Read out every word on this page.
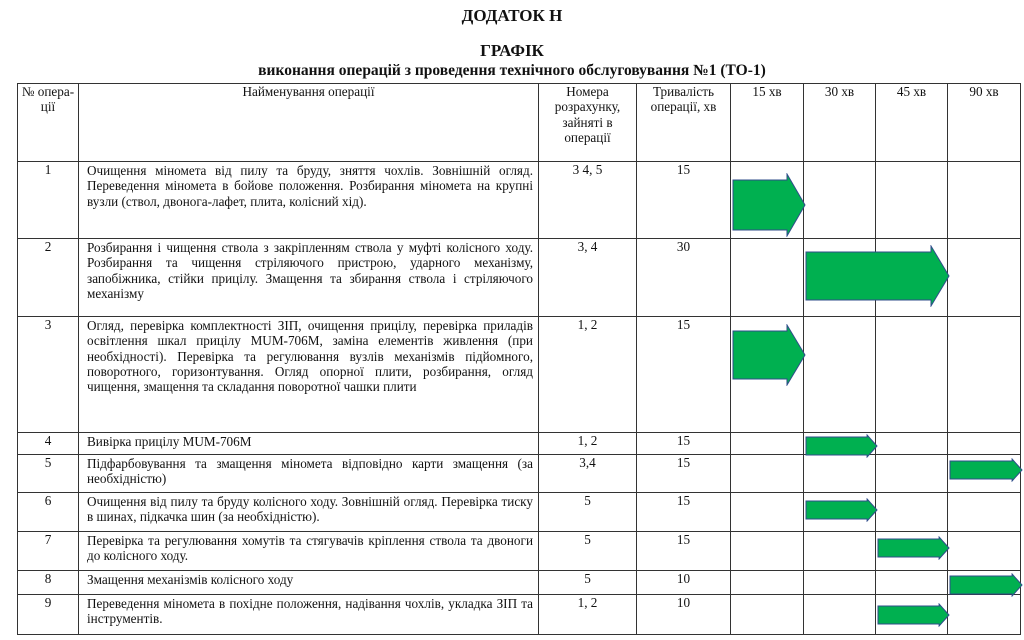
ДОДАТОК Н
ГРАФІК
виконання операцій з проведення технічного обслуговування №1 (ТО-1)
№ опера-ції	Найменування операції	Номера розрахунку, зайняті в операції	Тривалість операції, хв	15 хв	30 хв	45 хв	90 хв
1	Очищення мінометa від пилу та бруду, зняття чохлів. Зовнішній огляд. Переведення міномета в бойове положення. Розбирання міномета на крупні вузли (ствол, двонога-лафет, плита, колісний хід).	3 4, 5	15	

2	Розбирання і чищення ствола з закріпленням ствола у муфті колісного ходу. Розбирання та чищення стріляючого пристрою, ударного механізму, запобіжника, стійки прицілу. Змащення та збирання ствола і стріляючого механізму	3, 4	30		

3	Огляд, перевірка комплектності ЗІП, очищення прицілу, перевірка приладів освітлення шкал прицілу MUM-706M, заміна елементів живлення (при необхідності). Перевірка та регулювання вузлів механізмів підйомного, поворотного, горизонтування. Огляд опорної плити, розбирання, огляд чищення, змащення та складання поворотної чашки плити	1, 2	15	

4	Вивірка прицілу MUM-706M	1, 2	15		

5	Підфарбовування та змащення міномета відповідно карти змащення (за необхідністю)	3,4	15				

6	Очищення від пилу та бруду колісного ходу. Зовнішній огляд. Перевірка тиску в шинах, підкачка шин (за необхідністю).	5	15		

7	Перевірка та регулювання хомутів та стягувачів кріплення ствола та двоноги до колісного ходу.	5	15			

8	Змащення механізмів колісного ходу	5	10				

9	Переведення міномета в похідне положення, надівання чохлів, укладка ЗІП та інструментів.	1, 2	10			
